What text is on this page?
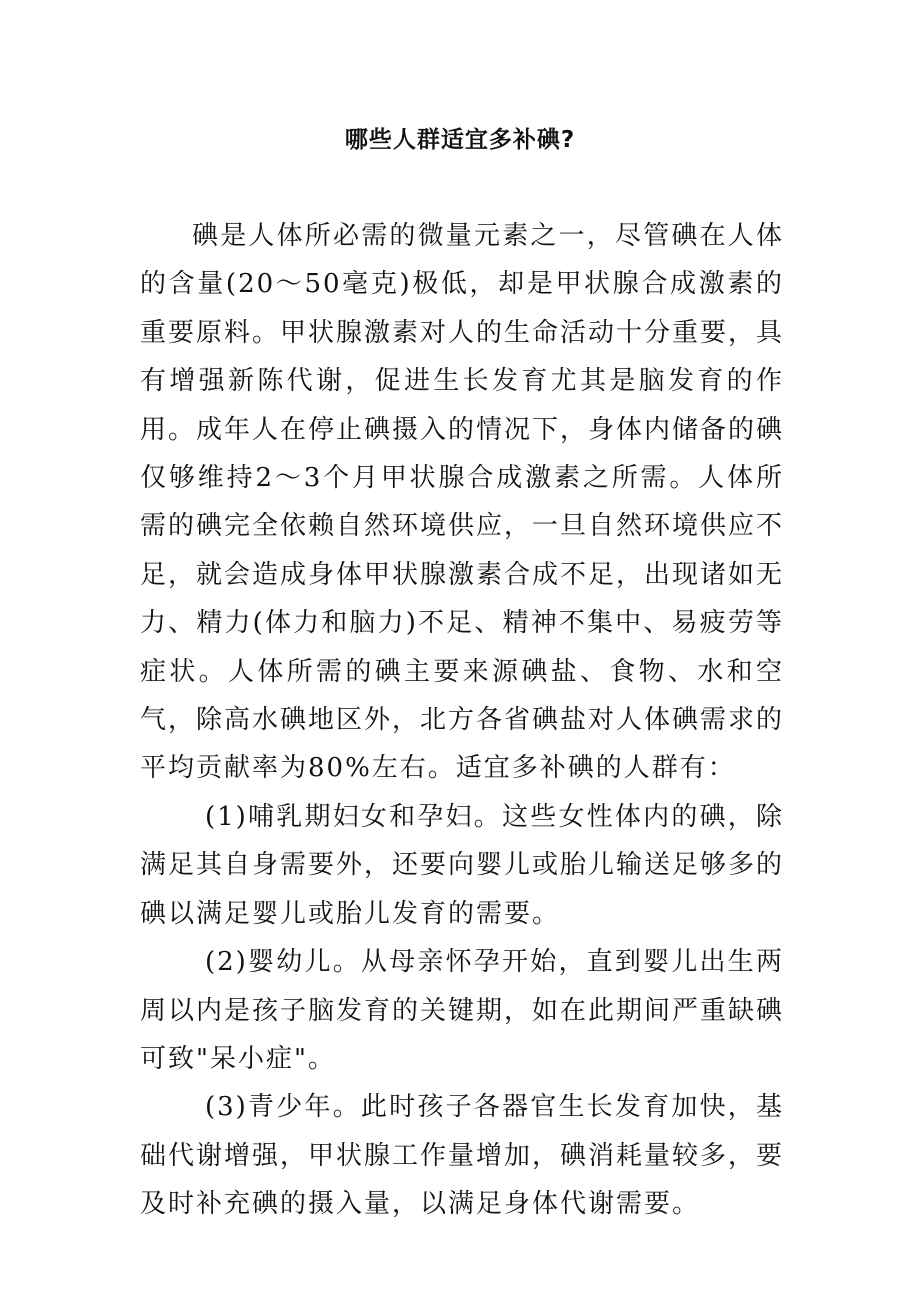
哪些人群适宜多补碘?

碘是人体所必需的微量元素之一，尽管碘在人体的含量(20～50毫克)极低，却是甲状腺合成激素的重要原料。甲状腺激素对人的生命活动十分重要，具有增强新陈代谢，促进生长发育尤其是脑发育的作用。成年人在停止碘摄入的情况下，身体内储备的碘仅够维持2～3个月甲状腺合成激素之所需。人体所需的碘完全依赖自然环境供应，一旦自然环境供应不足，就会造成身体甲状腺激素合成不足，出现诸如无力、精力(体力和脑力)不足、精神不集中、易疲劳等症状。人体所需的碘主要来源碘盐、食物、水和空气，除高水碘地区外，北方各省碘盐对人体碘需求的平均贡献率为80%左右。适宜多补碘的人群有：

(1)哺乳期妇女和孕妇。这些女性体内的碘，除满足其自身需要外，还要向婴儿或胎儿输送足够多的碘以满足婴儿或胎儿发育的需要。

(2)婴幼儿。从母亲怀孕开始，直到婴儿出生两周以内是孩子脑发育的关键期，如在此期间严重缺碘可致"呆小症"。

(3)青少年。此时孩子各器官生长发育加快，基础代谢增强，甲状腺工作量增加，碘消耗量较多，要及时补充碘的摄入量，以满足身体代谢需要。
